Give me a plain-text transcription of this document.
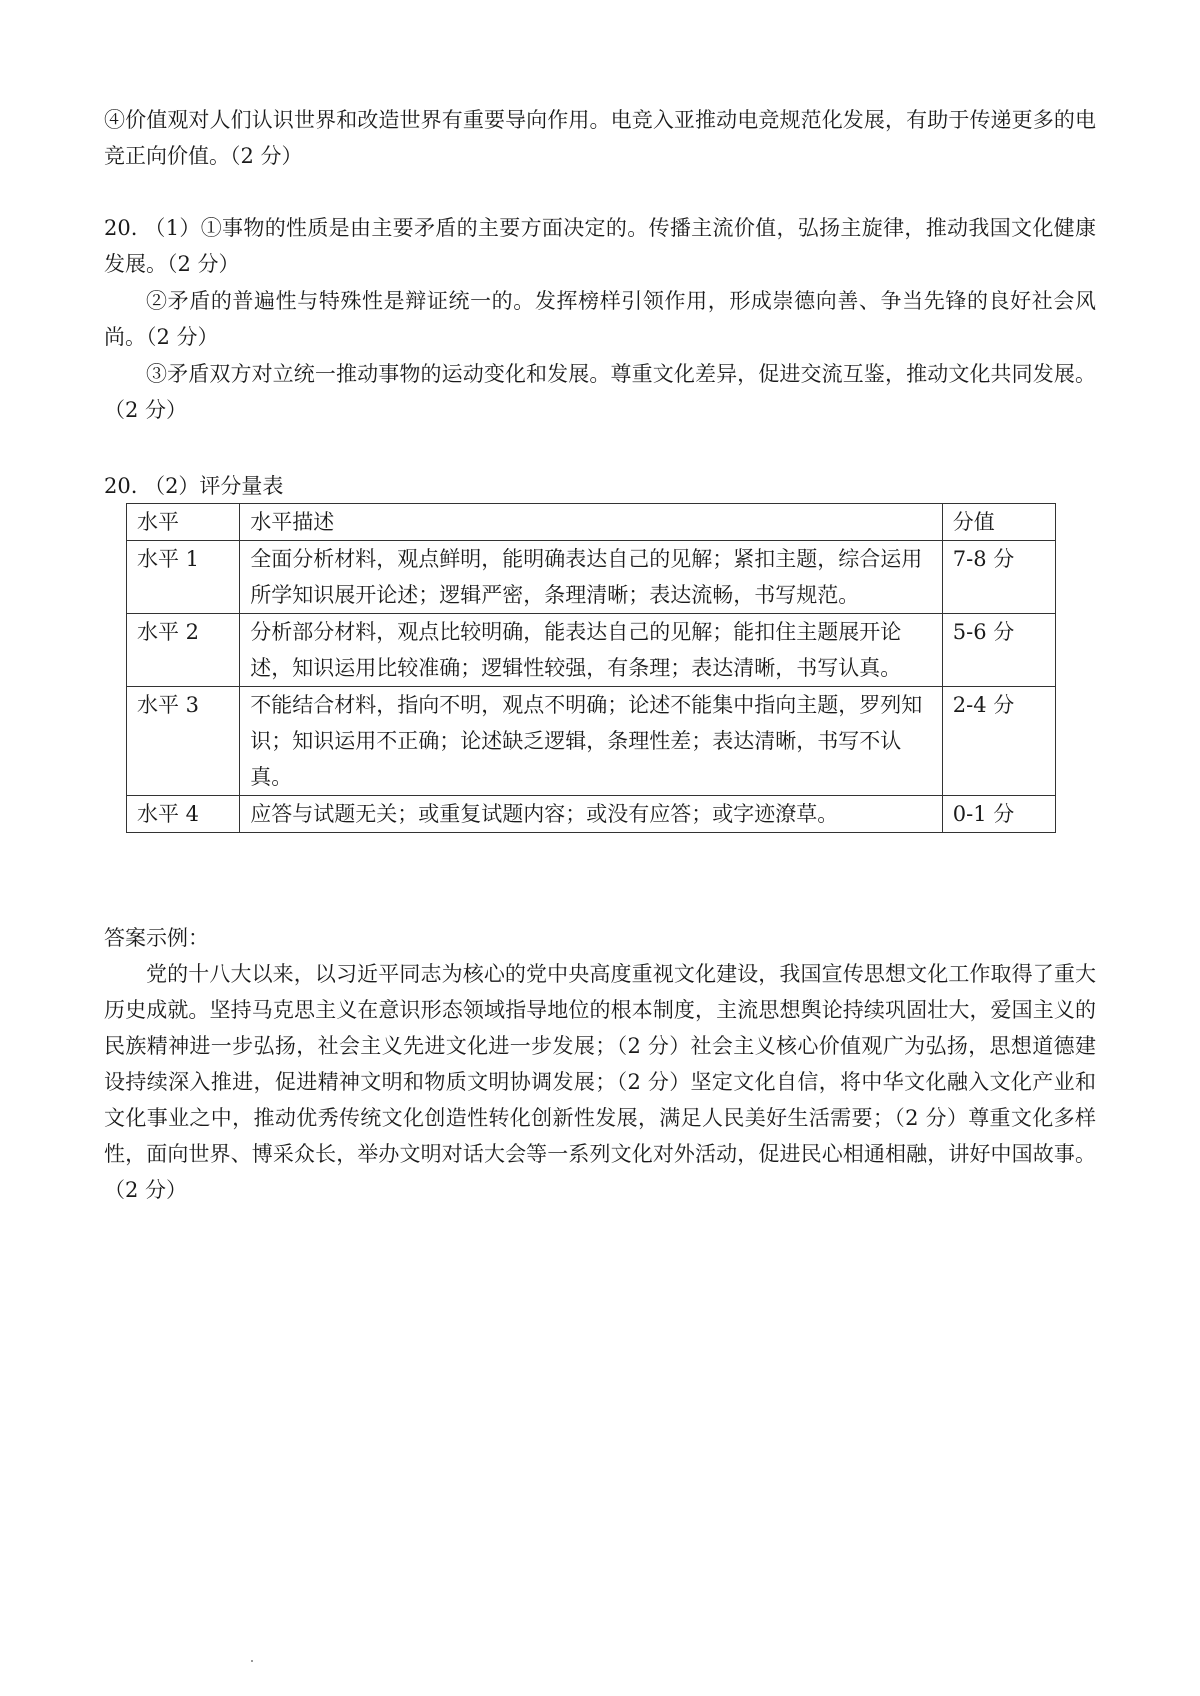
④价值观对人们认识世界和改造世界有重要导向作用。电竞入亚推动电竞规范化发展，有助于传递更多的电竞正向价值。（2 分）

20. （1）①事物的性质是由主要矛盾的主要方面决定的。传播主流价值，弘扬主旋律，推动我国文化健康发展。（2 分）

②矛盾的普遍性与特殊性是辩证统一的。发挥榜样引领作用，形成崇德向善、争当先锋的良好社会风尚。（2 分）

③矛盾双方对立统一推动事物的运动变化和发展。尊重文化差异，促进交流互鉴，推动文化共同发展。（2 分）

20. （2）评分量表

水平	水平描述	分值
水平 1	全面分析材料，观点鲜明，能明确表达自己的见解；紧扣主题，综合运用所学知识展开论述；逻辑严密，条理清晰；表达流畅，书写规范。	7-8 分
水平 2	分析部分材料，观点比较明确，能表达自己的见解；能扣住主题展开论述，知识运用比较准确；逻辑性较强，有条理；表达清晰，书写认真。	5-6 分
水平 3	不能结合材料，指向不明，观点不明确；论述不能集中指向主题，罗列知识；知识运用不正确；论述缺乏逻辑，条理性差；表达清晰，书写不认真。	2-4 分
水平 4	应答与试题无关；或重复试题内容；或没有应答；或字迹潦草。	0-1 分

答案示例：

党的十八大以来，以习近平同志为核心的党中央高度重视文化建设，我国宣传思想文化工作取得了重大历史成就。坚持马克思主义在意识形态领域指导地位的根本制度，主流思想舆论持续巩固壮大，爱国主义的民族精神进一步弘扬，社会主义先进文化进一步发展；（2 分）社会主义核心价值观广为弘扬，思想道德建设持续深入推进，促进精神文明和物质文明协调发展；（2 分）坚定文化自信，将中华文化融入文化产业和文化事业之中，推动优秀传统文化创造性转化创新性发展，满足人民美好生活需要；（2 分）尊重文化多样性，面向世界、博采众长，举办文明对话大会等一系列文化对外活动，促进民心相通相融，讲好中国故事。（2 分）
